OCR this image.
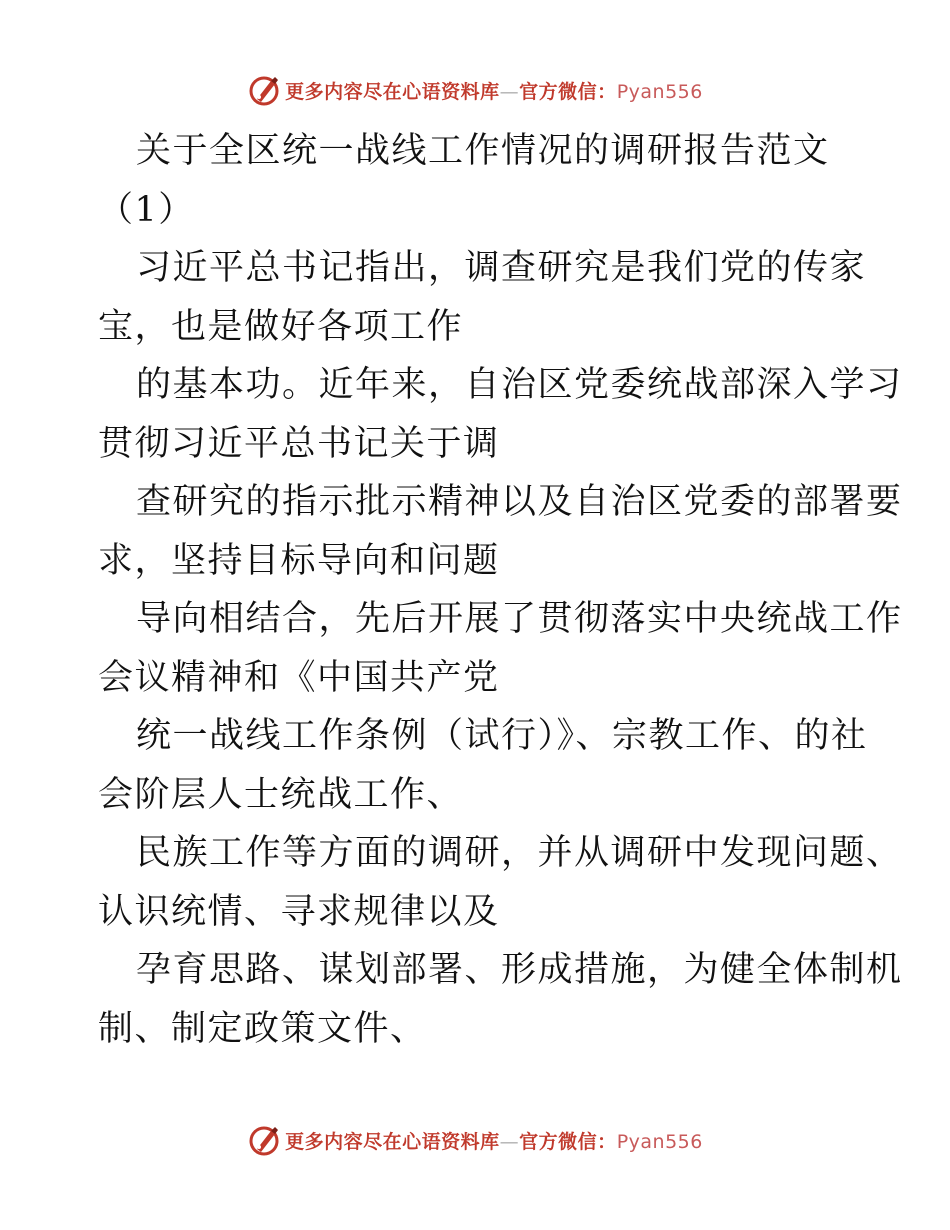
更多内容尽在心语资料库—官方微信：Pyan556
关于全区统一战线工作情况的调研报告范文
（1）
习近平总书记指出，调查研究是我们党的传家
宝，也是做好各项工作
的基本功。近年来，自治区党委统战部深入学习
贯彻习近平总书记关于调
查研究的指示批示精神以及自治区党委的部署要
求，坚持目标导向和问题
导向相结合，先后开展了贯彻落实中央统战工作
会议精神和《中国共产党
统一战线工作条例（试行）》、宗教工作、的社
会阶层人士统战工作、
民族工作等方面的调研，并从调研中发现问题、
认识统情、寻求规律以及
孕育思路、谋划部署、形成措施，为健全体制机
制、制定政策文件、
更多内容尽在心语资料库—官方微信：Pyan556
